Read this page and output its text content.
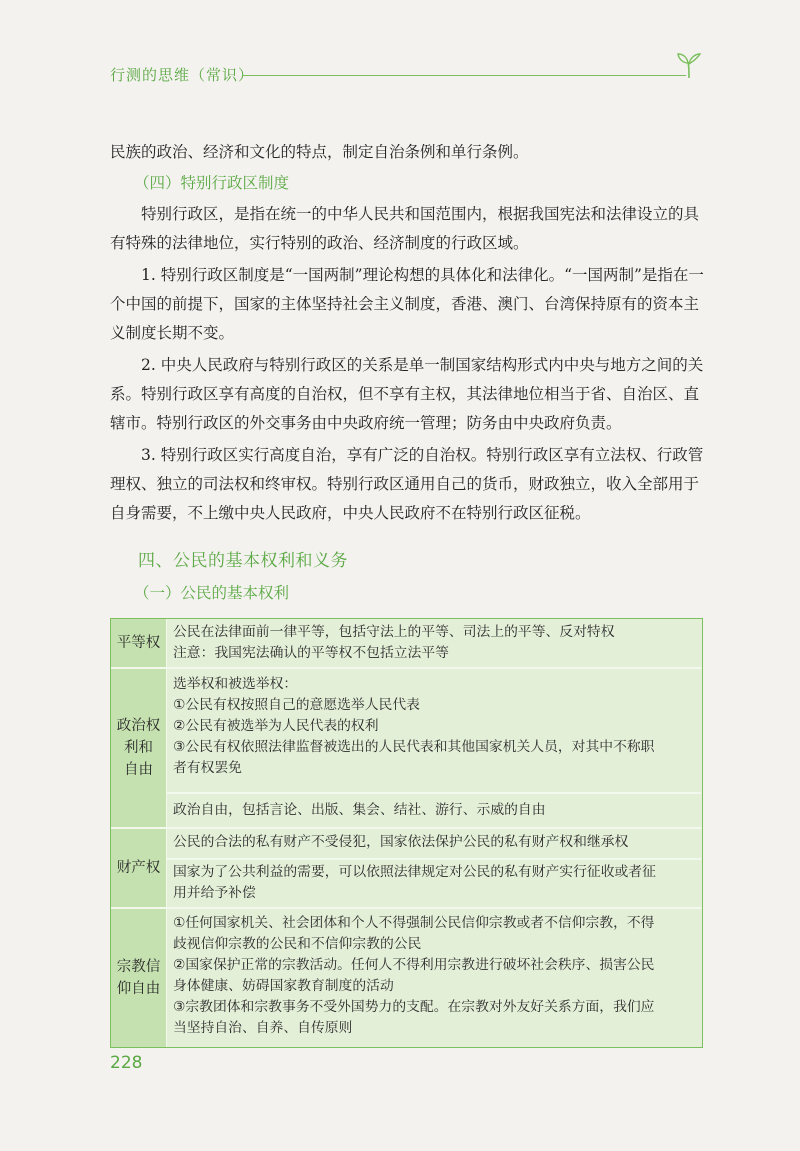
行测的思维（常识）

民族的政治、经济和文化的特点，制定自治条例和单行条例。

（四）特别行政区制度

特别行政区，是指在统一的中华人民共和国范围内，根据我国宪法和法律设立的具有特殊的法律地位，实行特别的政治、经济制度的行政区域。

1. 特别行政区制度是“一国两制”理论构想的具体化和法律化。“一国两制”是指在一个中国的前提下，国家的主体坚持社会主义制度，香港、澳门、台湾保持原有的资本主义制度长期不变。

2. 中央人民政府与特别行政区的关系是单一制国家结构形式内中央与地方之间的关系。特别行政区享有高度的自治权，但不享有主权，其法律地位相当于省、自治区、直辖市。特别行政区的外交事务由中央政府统一管理；防务由中央政府负责。

3. 特别行政区实行高度自治，享有广泛的自治权。特别行政区享有立法权、行政管理权、独立的司法权和终审权。特别行政区通用自己的货币，财政独立，收入全部用于自身需要，不上缴中央人民政府，中央人民政府不在特别行政区征税。

四、公民的基本权利和义务
（一）公民的基本权利
平等权

公民在法律面前一律平等，包括守法上的平等、司法上的平等、反对特权

注意：我国宪法确认的平等权不包括立法平等

政治权
利和
自由

选举权和被选举权：

①公民有权按照自己的意愿选举人民代表

②公民有被选举为人民代表的权利

③公民有权依照法律监督被选出的人民代表和其他国家机关人员，对其中不称职

者有权罢免

政治自由，包括言论、出版、集会、结社、游行、示威的自由

财产权

公民的合法的私有财产不受侵犯，国家依法保护公民的私有财产权和继承权

国家为了公共利益的需要，可以依照法律规定对公民的私有财产实行征收或者征

用并给予补偿

宗教信
仰自由

①任何国家机关、社会团体和个人不得强制公民信仰宗教或者不信仰宗教，不得

歧视信仰宗教的公民和不信仰宗教的公民

②国家保护正常的宗教活动。任何人不得利用宗教进行破坏社会秩序、损害公民

身体健康、妨碍国家教育制度的活动

③宗教团体和宗教事务不受外国势力的支配。在宗教对外友好关系方面，我们应

当坚持自治、自养、自传原则

228
